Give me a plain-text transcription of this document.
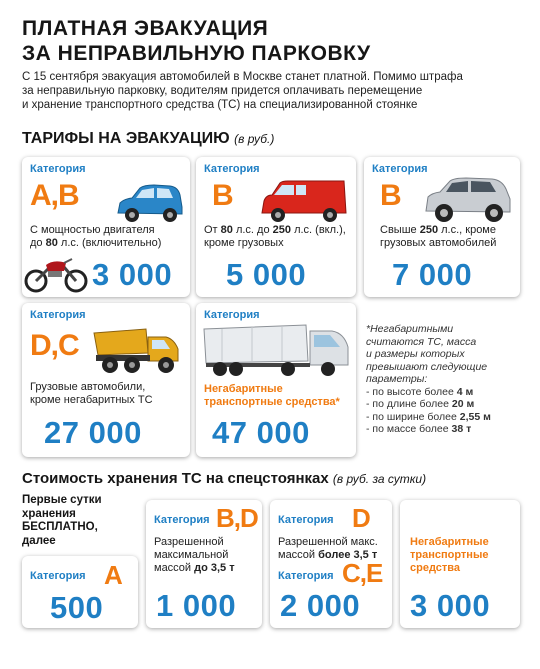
ПЛАТНАЯ ЭВАКУАЦИЯ
ЗА НЕПРАВИЛЬНУЮ ПАРКОВКУ
С 15 сентября эвакуация автомобилей в Москве станет платной. Помимо штрафа
за неправильную парковку, водителям придется оплачивать перемещение
и хранение транспортного средства (ТС) на специализированной стоянке
ТАРИФЫ НА ЭВАКУАЦИЮ (в руб.)
Категория
A,B
С мощностью двигателя
до 80 л.с. (включительно)
3 000
Категория
B
От 80 л.с. до 250 л.с. (вкл.),
кроме грузовых
5 000
Категория
B
Свыше 250 л.с., кроме
грузовых автомобилей
7 000
Категория
D,C
Грузовые автомобили,
кроме негабаритных ТС
27 000
Категория
Негабаритные
транспортные средства*
47 000
*Негабаритными
считаются ТС, масса
и размеры которых
превышают следующие
параметры:
- по высоте более 4 м
- по длине более 20 м
- по ширине более 2,55 м
- по массе более 38 т
Стоимость хранения ТС на спецстоянках (в руб. за сутки)
Первые сутки
хранения
БЕСПЛАТНО,
далее
Категория A
500
Категория B,D
Разрешенной
максимальной
массой до 3,5 т
1 000
Категория D
Разрешенной макс.
массой более 3,5 т
Категория C,E
2 000
Негабаритные
транспортные
средства
3 000
